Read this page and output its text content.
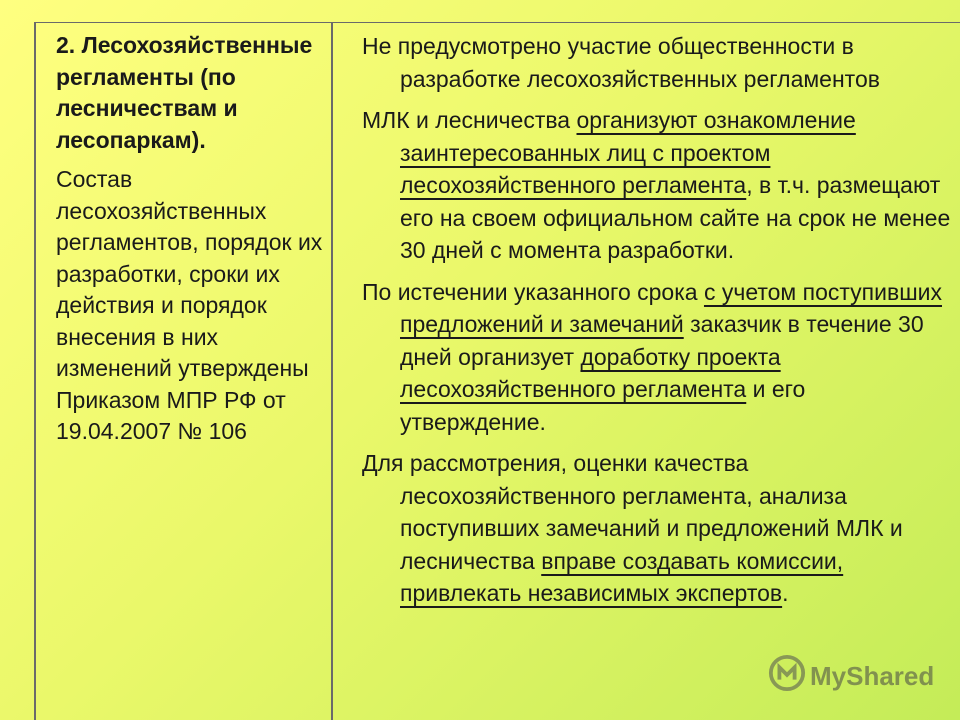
2. Лесохозяйственные регламенты (по лесничествам и лесопаркам).

Состав лесохозяйственных регламентов, порядок их разработки, сроки их действия и порядок внесения в них изменений утверждены Приказом МПР РФ от 19.04.2007 № 106

Не предусмотрено участие общественности в разработке лесохозяйственных регламентов

МЛК и лесничества организуют ознакомление заинтересованных лиц с проектом лесохозяйственного регламента, в т.ч. размещают его на своем официальном сайте на срок не менее 30 дней с момента разработки.

По истечении указанного срока с учетом поступивших предложений и замечаний заказчик в течение 30 дней организует доработку проекта лесохозяйственного регламента и его утверждение.

Для рассмотрения, оценки качества лесохозяйственного регламента, анализа поступивших замечаний и предложений МЛК и лесничества вправе создавать комиссии, привлекать независимых экспертов.

MyShared
